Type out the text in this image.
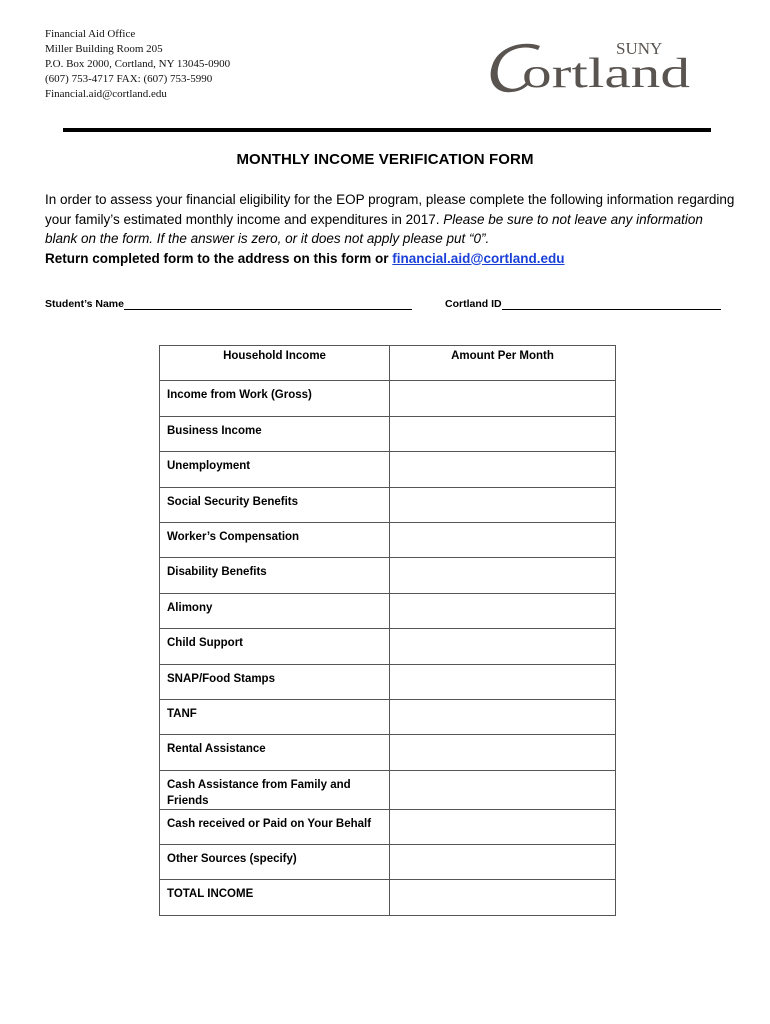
Financial Aid Office
Miller Building Room 205
P.O. Box 2000, Cortland, NY 13045-0900
(607) 753-4717 FAX: (607) 753-5990
Financial.aid@cortland.edu
SUNY
ortland
MONTHLY INCOME VERIFICATION FORM
In order to assess your financial eligibility for the EOP program, please complete the following information regarding your family’s estimated monthly income and expenditures in 2017. Please be sure to not leave any information blank on the form. If the answer is zero, or it does not apply please put “0”.
Return completed form to the address on this form or financial.aid@cortland.edu
Student’s Name	Cortland ID
Household Income	Amount Per Month
Income from Work (Gross)	
Business Income	
Unemployment	
Social Security Benefits	
Worker’s Compensation	
Disability Benefits	
Alimony	
Child Support	
SNAP/Food Stamps	
TANF	
Rental Assistance	
Cash Assistance from Family and Friends	
Cash received or Paid on Your Behalf	
Other Sources (specify)	
TOTAL INCOME	
